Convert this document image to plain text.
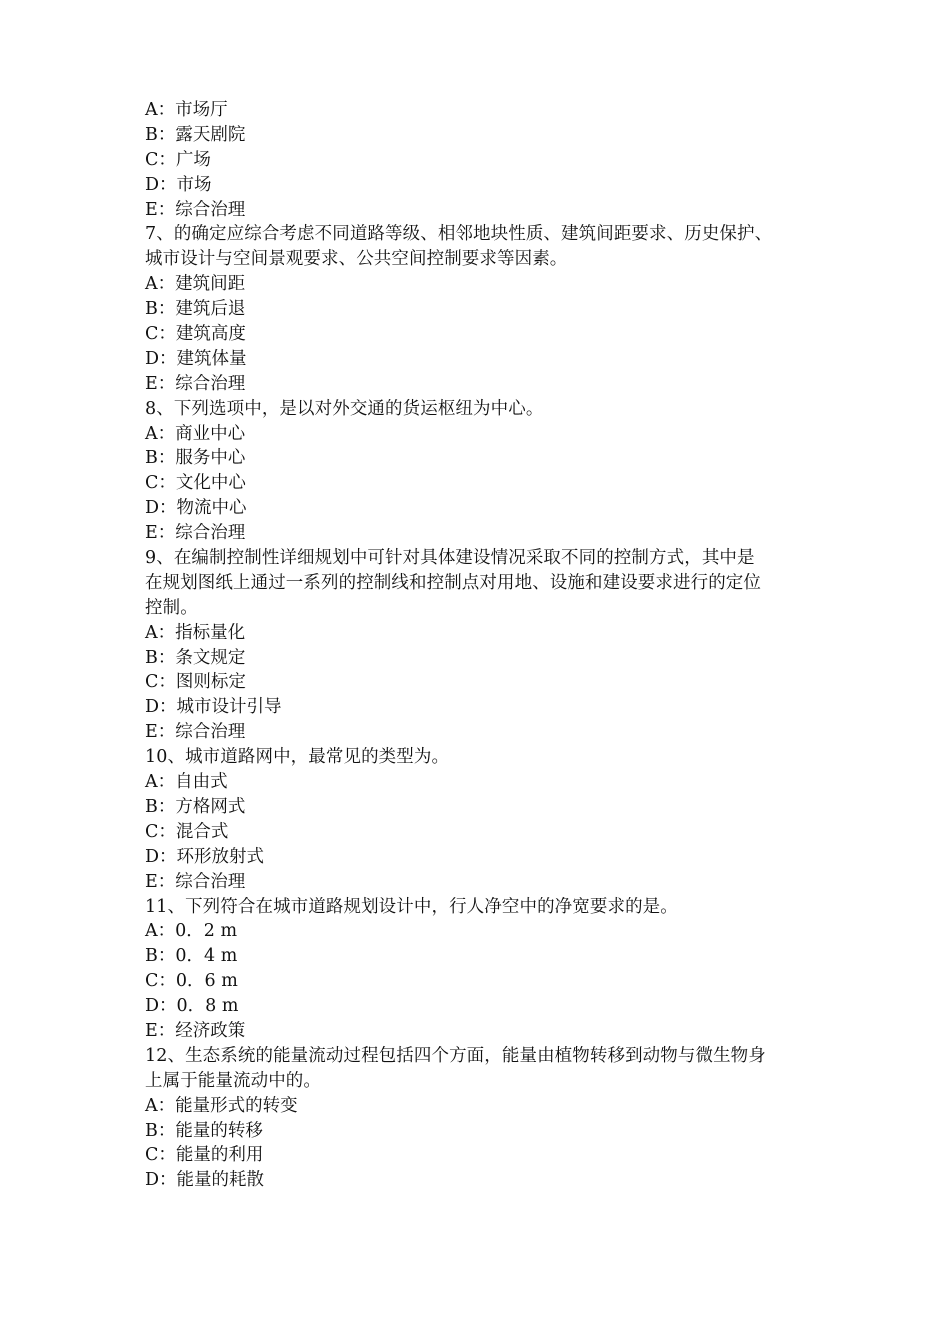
A：市场厅
B：露天剧院
C：广场
D：市场
E：综合治理
7、的确定应综合考虑不同道路等级、相邻地块性质、建筑间距要求、历史保护、
城市设计与空间景观要求、公共空间控制要求等因素。
A：建筑间距
B：建筑后退
C：建筑高度
D：建筑体量
E：综合治理
8、下列选项中，是以对外交通的货运枢纽为中心。
A：商业中心
B：服务中心
C：文化中心
D：物流中心
E：综合治理
9、在编制控制性详细规划中可针对具体建设情况采取不同的控制方式，其中是
在规划图纸上通过一系列的控制线和控制点对用地、设施和建设要求进行的定位
控制。
A：指标量化
B：条文规定
C：图则标定
D：城市设计引导
E：综合治理
10、城市道路网中，最常见的类型为。
A：自由式
B：方格网式
C：混合式
D：环形放射式
E：综合治理
11、下列符合在城市道路规划设计中，行人净空中的净宽要求的是。
A：0．2 m
B：0．4 m
C：0．6 m
D：0．8 m
E：经济政策
12、生态系统的能量流动过程包括四个方面，能量由植物转移到动物与微生物身
上属于能量流动中的。
A：能量形式的转变
B：能量的转移
C：能量的利用
D：能量的耗散
